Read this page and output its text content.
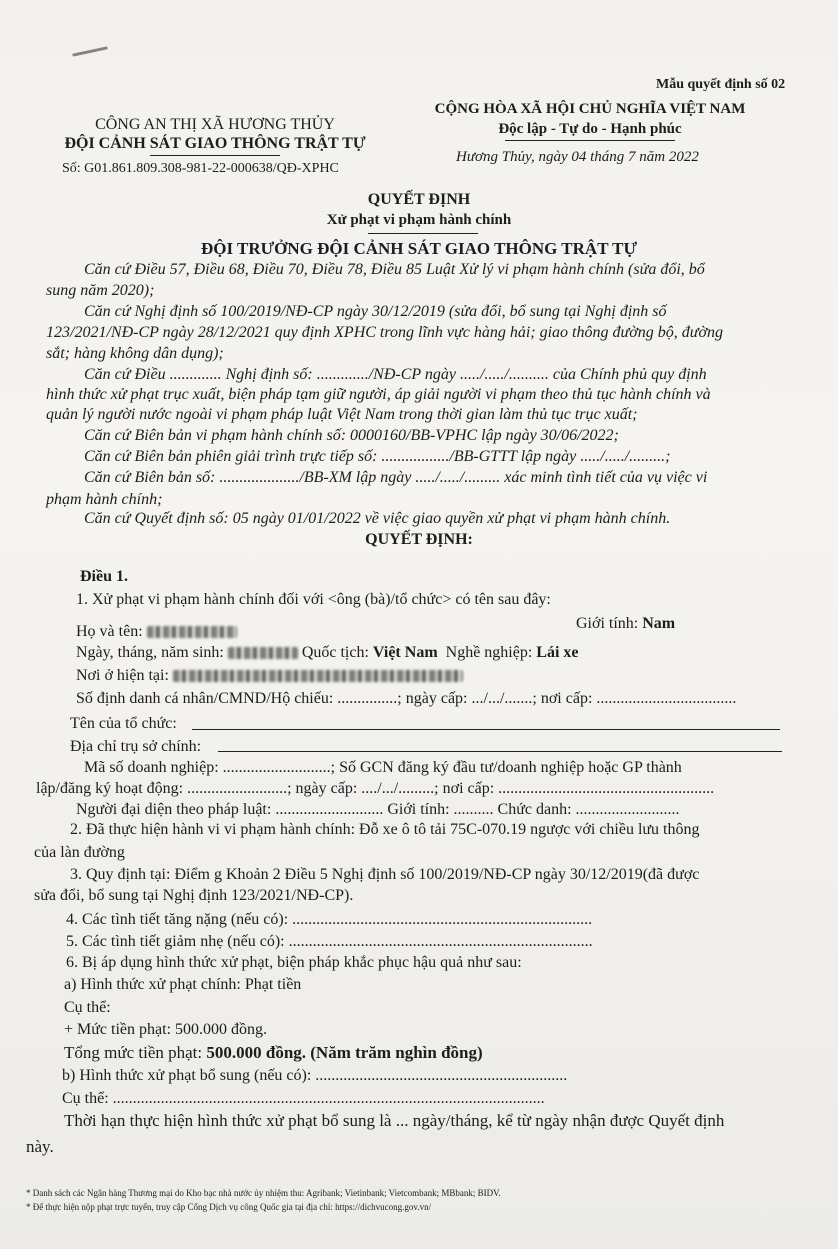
Mẫu quyết định số 02
CÔNG AN THỊ XÃ HƯƠNG THỦY
ĐỘI CẢNH SÁT GIAO THÔNG TRẬT TỰ
Số: G01.861.809.308-981-22-000638/QĐ-XPHC
CỘNG HÒA XÃ HỘI CHỦ NGHĨA VIỆT NAM
Độc lập - Tự do - Hạnh phúc
Hương Thủy, ngày 04 tháng 7 năm 2022
QUYẾT ĐỊNH
Xử phạt vi phạm hành chính
ĐỘI TRƯỞNG ĐỘI CẢNH SÁT GIAO THÔNG TRẬT TỰ
Căn cứ Điều 57, Điều 68, Điều 70, Điều 78, Điều 85 Luật Xử lý vi phạm hành chính (sửa đổi, bổ
sung năm 2020);
Căn cứ Nghị định số 100/2019/NĐ-CP ngày 30/12/2019 (sửa đổi, bổ sung tại Nghị định số
123/2021/NĐ-CP ngày 28/12/2021 quy định XPHC trong lĩnh vực hàng hải; giao thông đường bộ, đường
sắt; hàng không dân dụng);
Căn cứ Điều ............. Nghị định số: ............./NĐ-CP ngày ...../...../.......... của Chính phủ quy định
hình thức xử phạt trục xuất, biện pháp tạm giữ người, áp giải người vi phạm theo thủ tục hành chính và
quản lý người nước ngoài vi phạm pháp luật Việt Nam trong thời gian làm thủ tục trục xuất;
Căn cứ Biên bản vi phạm hành chính số: 0000160/BB-VPHC lập ngày 30/06/2022;
Căn cứ Biên bản phiên giải trình trực tiếp số: ................./BB-GTTT lập ngày ...../...../.........;
Căn cứ Biên bản số: ..................../BB-XM lập ngày ...../...../......... xác minh tình tiết của vụ việc vi
phạm hành chính;
Căn cứ Quyết định số: 05 ngày 01/01/2022 về việc giao quyền xử phạt vi phạm hành chính.
QUYẾT ĐỊNH:
Điều 1.
1. Xử phạt vi phạm hành chính đối với <ông (bà)/tổ chức> có tên sau đây:
Họ và tên:	Giới tính: Nam
Ngày, tháng, năm sinh:	Quốc tịch: Việt Nam Nghề nghiệp: Lái xe
Nơi ở hiện tại:
Số định danh cá nhân/CMND/Hộ chiếu: ...............; ngày cấp: .../.../.......; nơi cấp: ...................................
Tên của tổ chức:
Địa chỉ trụ sở chính:
Mã số doanh nghiệp: ...........................; Số GCN đăng ký đầu tư/doanh nghiệp hoặc GP thành
lập/đăng ký hoạt động: .........................; ngày cấp: ..../.../.........; nơi cấp: ......................................................
Người đại diện theo pháp luật: ........................... Giới tính: .......... Chức danh: ..........................
2. Đã thực hiện hành vi vi phạm hành chính: Đỗ xe ô tô tải 75C-070.19 ngược với chiều lưu thông
của làn đường
3. Quy định tại: Điểm g Khoản 2 Điều 5 Nghị định số 100/2019/NĐ-CP ngày 30/12/2019(đã được
sửa đổi, bổ sung tại Nghị định 123/2021/NĐ-CP).
4. Các tình tiết tăng nặng (nếu có): ...........................................................................
5. Các tình tiết giảm nhẹ (nếu có): ............................................................................
6. Bị áp dụng hình thức xử phạt, biện pháp khắc phục hậu quả như sau:
a) Hình thức xử phạt chính: Phạt tiền
Cụ thể:
+ Mức tiền phạt: 500.000 đồng.
Tổng mức tiền phạt: 500.000 đồng. (Năm trăm nghìn đồng)
b) Hình thức xử phạt bổ sung (nếu có): ...............................................................
Cụ thể: ............................................................................................................
Thời hạn thực hiện hình thức xử phạt bổ sung là ... ngày/tháng, kể từ ngày nhận được Quyết định
này.
* Danh sách các Ngân hàng Thương mại do Kho bạc nhà nước ủy nhiệm thu: Agribank; Vietinbank; Vietcombank; MBbank; BIDV.
* Để thực hiện nộp phạt trực tuyến, truy cập Cổng Dịch vụ công Quốc gia tại địa chỉ: https://dichvucong.gov.vn/
